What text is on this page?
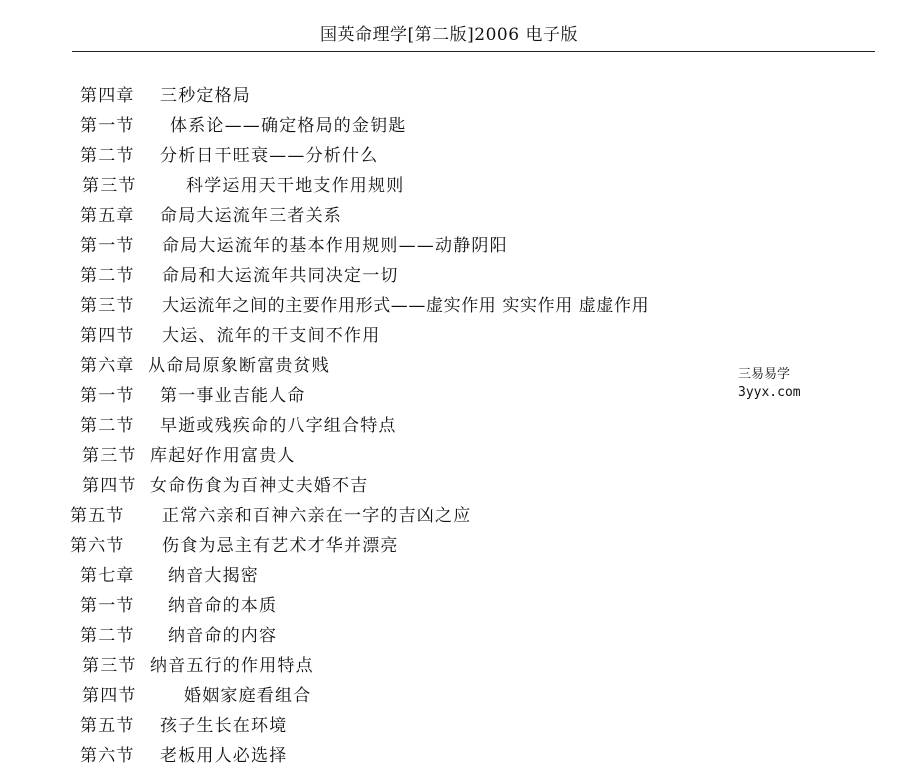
国英命理学[第二版]2006 电子版
第四章 三秒定格局
第一节 体系论——确定格局的金钥匙
第二节 分析日干旺衰——分析什么
第三节	科学运用天干地支作用规则
第五章 命局大运流年三者关系
第一节 命局大运流年的基本作用规则——动静阴阳
第二节 命局和大运流年共同决定一切
第三节 大运流年之间的主要作用形式——虚实作用 实实作用 虚虚作用
第四节 大运、流年的干支间不作用
第六章 从命局原象断富贵贫贱
第一节 第一事业吉能人命
第二节 早逝或残疾命的八字组合特点
第三节 库起好作用富贵人
第四节 女命伤食为百神丈夫婚不吉
第五节 正常六亲和百神六亲在一字的吉凶之应
第六节 伤食为忌主有艺术才华并漂亮
第七章 纳音大揭密
第一节 纳音命的本质
第二节 纳音命的内容
第三节 纳音五行的作用特点
第四节	婚姻家庭看组合
第五节 孩子生长在环境
第六节 老板用人必选择
三易易学
3yyx.com
